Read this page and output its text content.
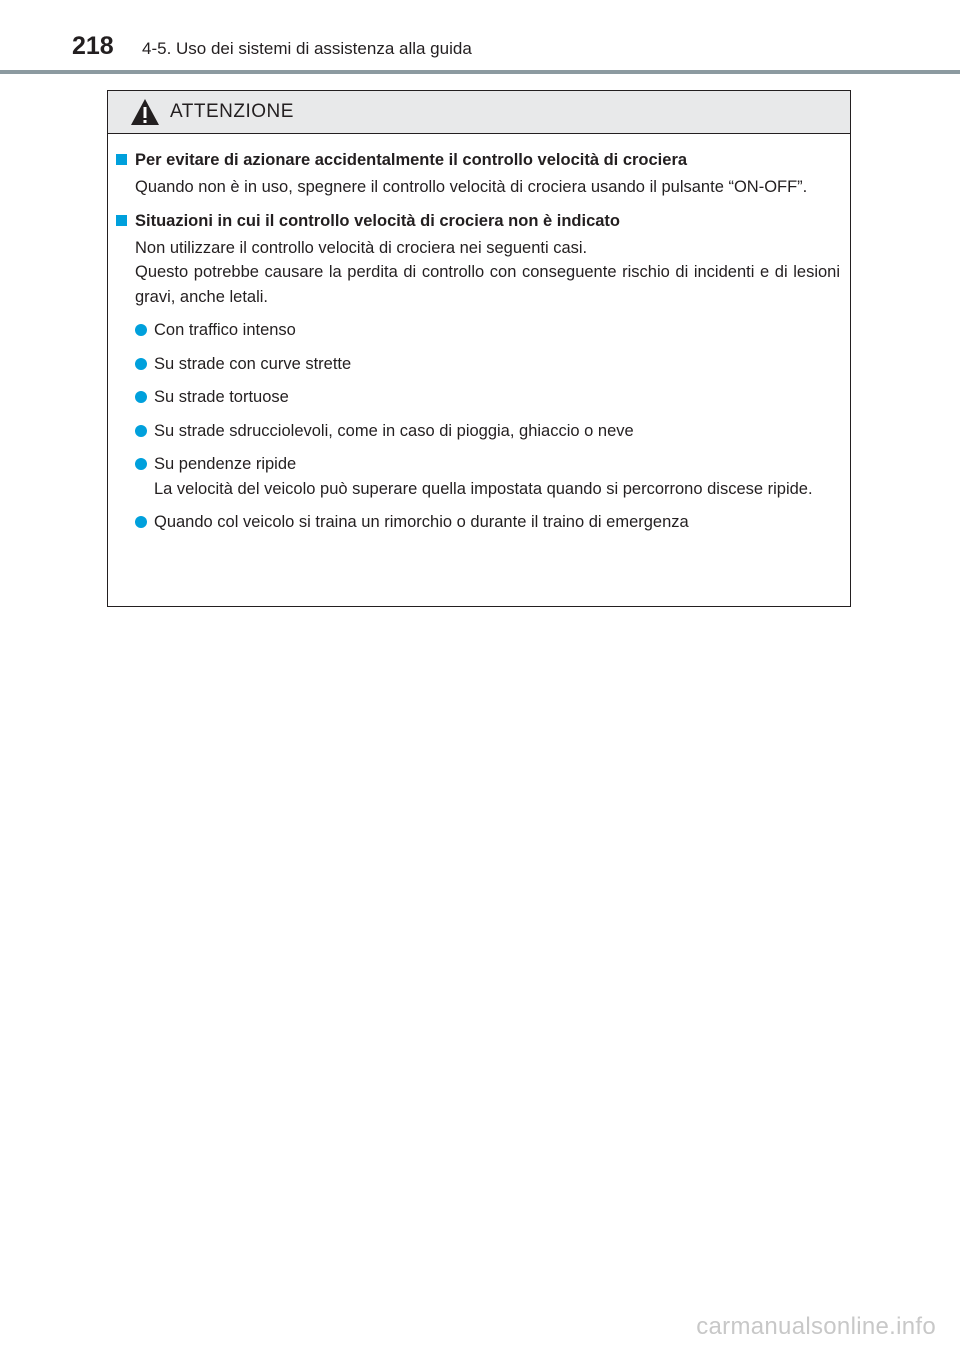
218 4-5. Uso dei sistemi di assistenza alla guida
ATTENZIONE
Per evitare di azionare accidentalmente il controllo velocità di crociera

Quando non è in uso, spegnere il controllo velocità di crociera usando il pulsante “ON-OFF”.

Situazioni in cui il controllo velocità di crociera non è indicato

Non utilizzare il controllo velocità di crociera nei seguenti casi.
Questo potrebbe causare la perdita di controllo con conseguente rischio di incidenti e di lesioni gravi, anche letali.

Con traffico intenso
Su strade con curve strette
Su strade tortuose
Su strade sdrucciolevoli, come in caso di pioggia, ghiaccio o neve
Su pendenze ripide
La velocità del veicolo può superare quella impostata quando si percorrono discese ripide.
Quando col veicolo si traina un rimorchio o durante il traino di emergenza
carmanualsonline.info
